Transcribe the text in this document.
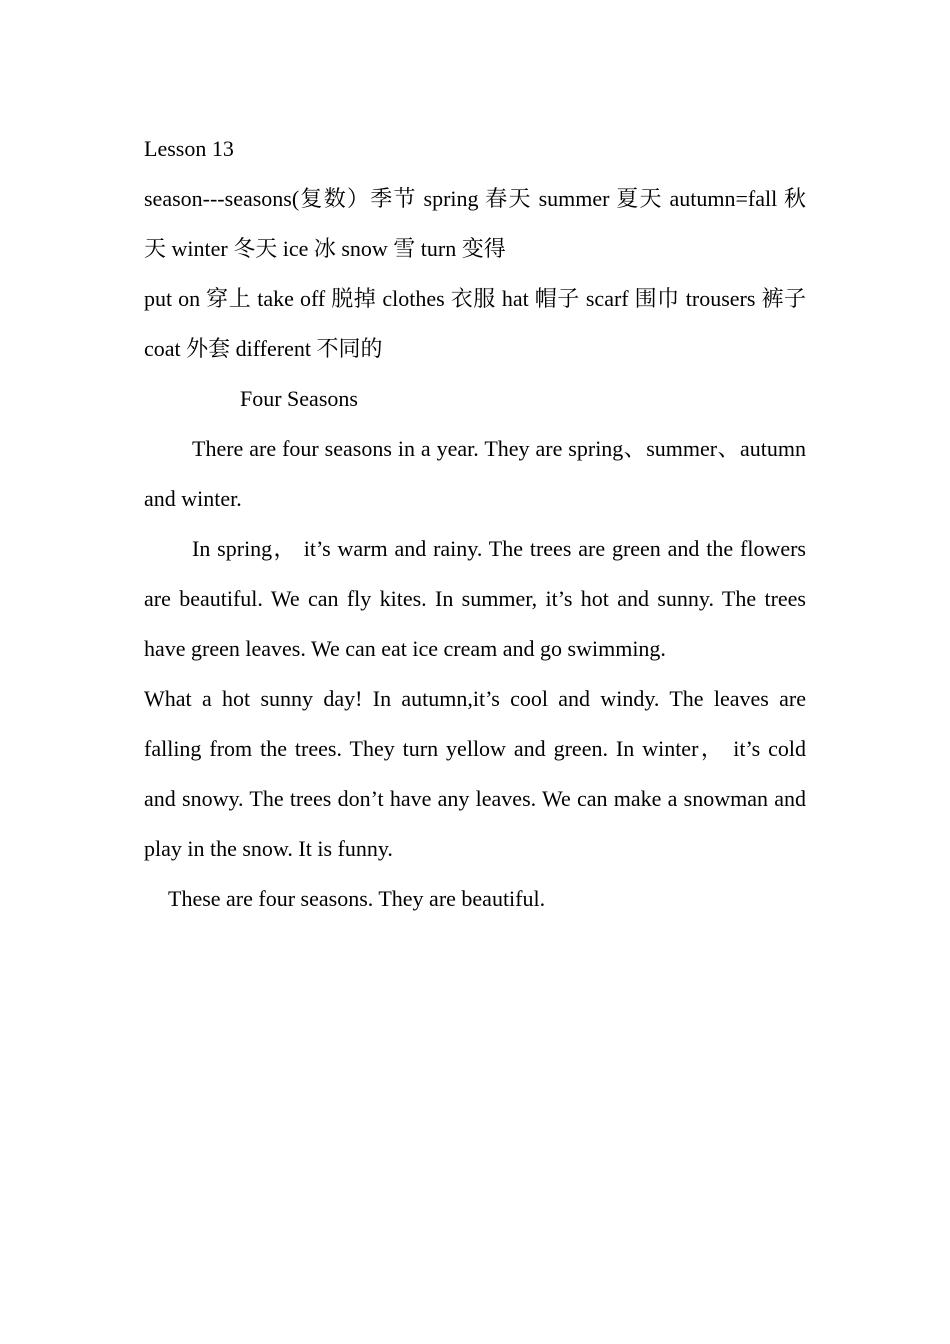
Lesson 13

season---seasons(复数）季节 spring 春天 summer 夏天 autumn=fall 秋天 winter 冬天 ice 冰 snow 雪 turn 变得

put on 穿上 take off 脱掉 clothes 衣服 hat 帽子 scarf 围巾 trousers 裤子 coat 外套 different 不同的

Four Seasons

There are four seasons in a year. They are spring、summer、autumn and winter.

In spring， it’s warm and rainy. The trees are green and the flowers are beautiful. We can fly kites. In summer, it’s hot and sunny. The trees have green leaves. We can eat ice cream and go swimming.

What a hot sunny day! In autumn,it’s cool and windy. The leaves are falling from the trees. They turn yellow and green. In winter， it’s cold and snowy. The trees don’t have any leaves. We can make a snowman and play in the snow. It is funny.

These are four seasons. They are beautiful.
